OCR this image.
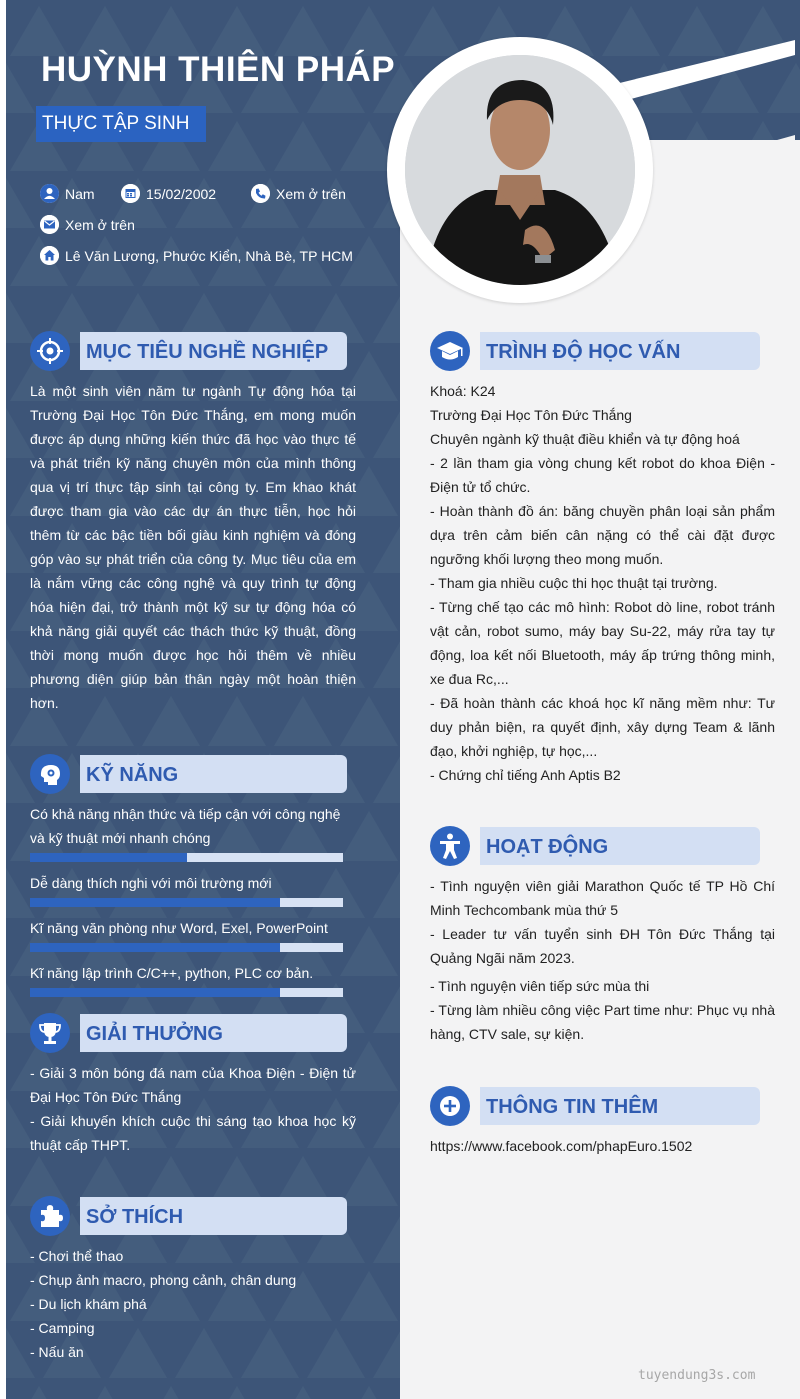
HUỲNH THIÊN PHÁP
THỰC TẬP SINH
Nam	15/02/2002	Xem ở trên
Xem ở trên
Lê Văn Lương, Phước Kiển, Nhà Bè, TP HCM
MỤC TIÊU NGHỀ NGHIỆP
Là một sinh viên năm tư ngành Tự động hóa tại Trường Đại Học Tôn Đức Thắng, em mong muốn được áp dụng những kiến thức đã học vào thực tế và phát triển kỹ năng chuyên môn của mình thông qua vị trí thực tập sinh tại công ty. Em khao khát được tham gia vào các dự án thực tiễn, học hỏi thêm từ các bậc tiền bối giàu kinh nghiệm và đóng góp vào sự phát triển của công ty. Mục tiêu của em là nắm vững các công nghệ và quy trình tự động hóa hiện đại, trở thành một kỹ sư tự động hóa có khả năng giải quyết các thách thức kỹ thuật, đồng thời mong muốn được học hỏi thêm về nhiều phương diện giúp bản thân ngày một hoàn thiện hơn.
KỸ NĂNG
Có khả năng nhận thức và tiếp cận với công nghệ và kỹ thuật mới nhanh chóng
Dễ dàng thích nghi với môi trường mới
Kĩ năng văn phòng như Word, Exel, PowerPoint
Kĩ năng lập trình C/C++, python, PLC cơ bản.
GIẢI THƯỞNG

- Giải 3 môn bóng đá nam của Khoa Điện - Điện tử Đại Học Tôn Đức Thắng

- Giải khuyến khích cuộc thi sáng tạo khoa học kỹ thuật cấp THPT.

SỞ THÍCH

- Chơi thể thao

- Chụp ảnh macro, phong cảnh, chân dung

- Du lịch khám phá

- Camping

- Nấu ăn

TRÌNH ĐỘ HỌC VẤN

Khoá: K24

Trường Đại Học Tôn Đức Thắng

Chuyên ngành kỹ thuật điều khiển và tự động hoá

- 2 lần tham gia vòng chung kết robot do khoa Điện - Điện tử tổ chức.

- Hoàn thành đồ án: băng chuyền phân loại sản phẩm dựa trên cảm biến cân nặng có thể cài đặt được ngưỡng khối lượng theo mong muốn.

- Tham gia nhiều cuộc thi học thuật tại trường.

- Từng chế tạo các mô hình: Robot dò line, robot tránh vật cản, robot sumo, máy bay Su-22, máy rửa tay tự động, loa kết nối Bluetooth, máy ấp trứng thông minh, xe đua Rc,...

- Đã hoàn thành các khoá học kĩ năng mềm như: Tư duy phản biện, ra quyết định, xây dựng Team & lãnh đạo, khởi nghiệp, tự học,...

- Chứng chỉ tiếng Anh Aptis B2

HOẠT ĐỘNG

- Tình nguyện viên giải Marathon Quốc tế TP Hồ Chí Minh Techcombank mùa thứ 5

- Leader tư vấn tuyển sinh ĐH Tôn Đức Thắng tại Quảng Ngãi năm 2023.

- Tình nguyện viên tiếp sức mùa thi

- Từng làm nhiều công việc Part time như: Phục vụ nhà hàng, CTV sale, sự kiện.

THÔNG TIN THÊM
https://www.facebook.com/phapEuro.1502
tuyendung3s.com
